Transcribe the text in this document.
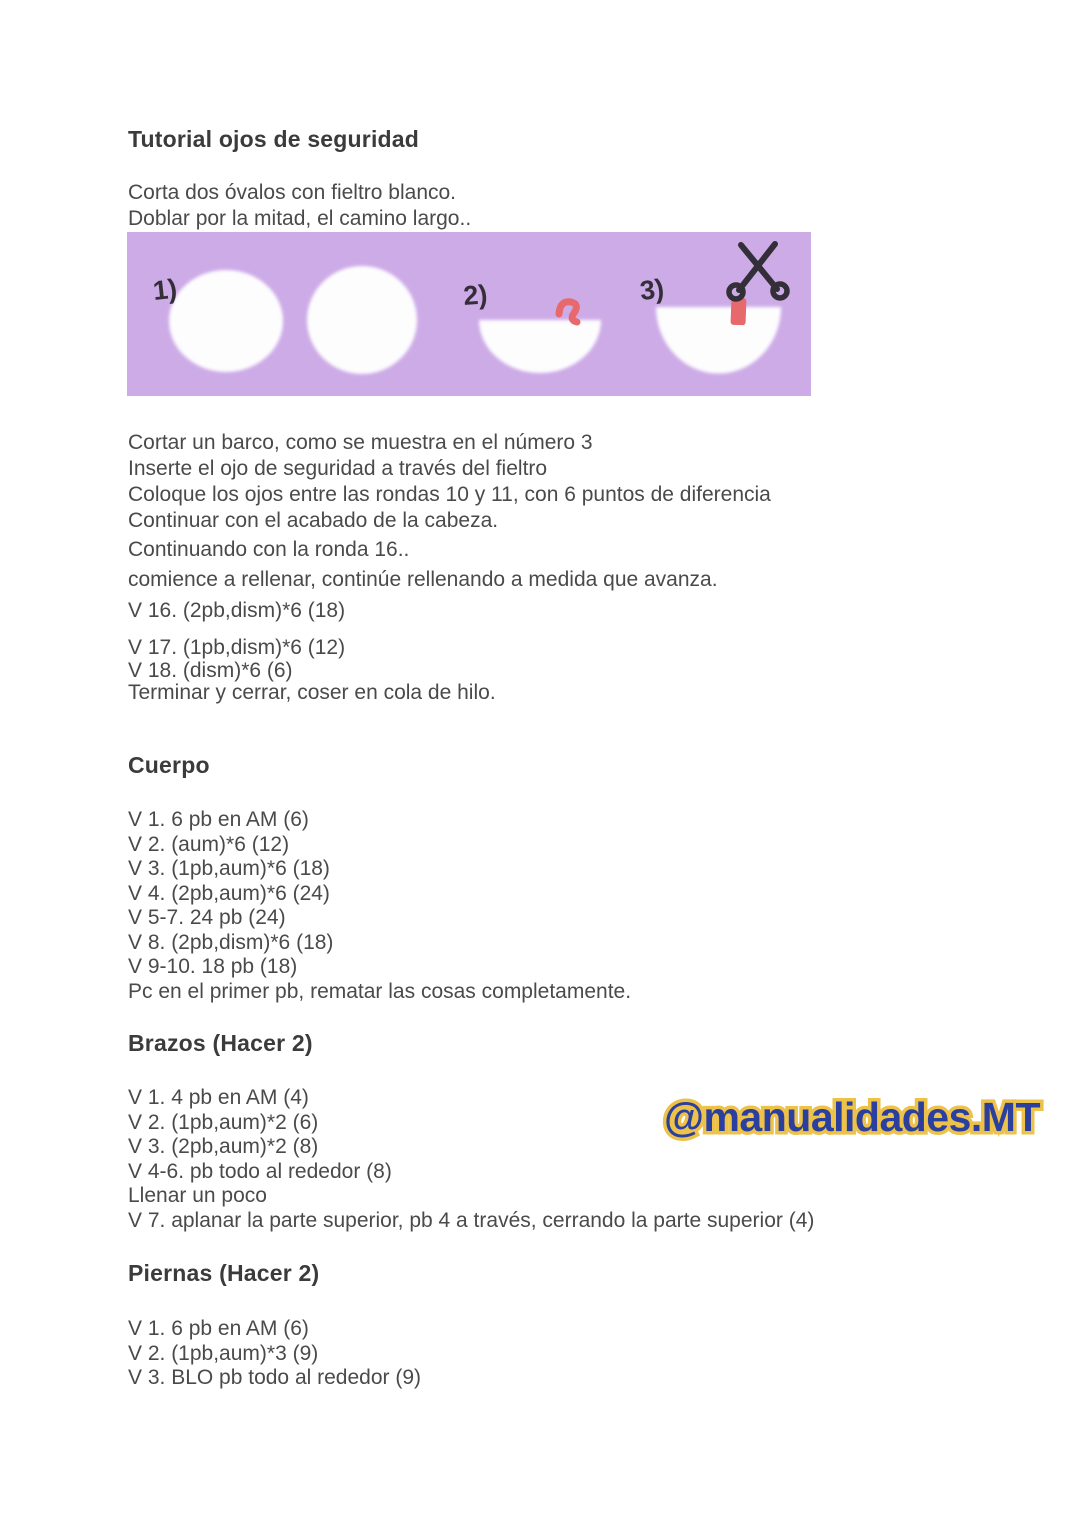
Tutorial ojos de seguridad
Corta dos óvalos con fieltro blanco.
Doblar por la mitad, el camino largo..
1)	2)	3)
Cortar un barco, como se muestra en el número 3
Inserte el ojo de seguridad a través del fieltro
Coloque los ojos entre las rondas 10 y 11, con 6 puntos de diferencia
Continuar con el acabado de la cabeza.
Continuando con la ronda 16..
comience a rellenar, continúe rellenando a medida que avanza.
V 16. (2pb,dism)*6 (18)
V 17. (1pb,dism)*6 (12)
V 18. (dism)*6 (6)
Terminar y cerrar, coser en cola de hilo.
Cuerpo
V 1. 6 pb en AM (6)
V 2. (aum)*6 (12)
V 3. (1pb,aum)*6 (18)
V 4. (2pb,aum)*6 (24)
V 5-7. 24 pb (24)
V 8. (2pb,dism)*6 (18)
V 9-10. 18 pb (18)
Pc en el primer pb, rematar las cosas completamente.
Brazos (Hacer 2)
V 1. 4 pb en AM (4)
V 2. (1pb,aum)*2 (6)
V 3. (2pb,aum)*2 (8)
V 4-6. pb todo al rededor (8)
Llenar un poco
V 7. aplanar la parte superior, pb 4 a través, cerrando la parte superior (4)
@manualidades.MT
Piernas (Hacer 2)
V 1. 6 pb en AM (6)
V 2. (1pb,aum)*3 (9)
V 3. BLO pb todo al rededor (9)
